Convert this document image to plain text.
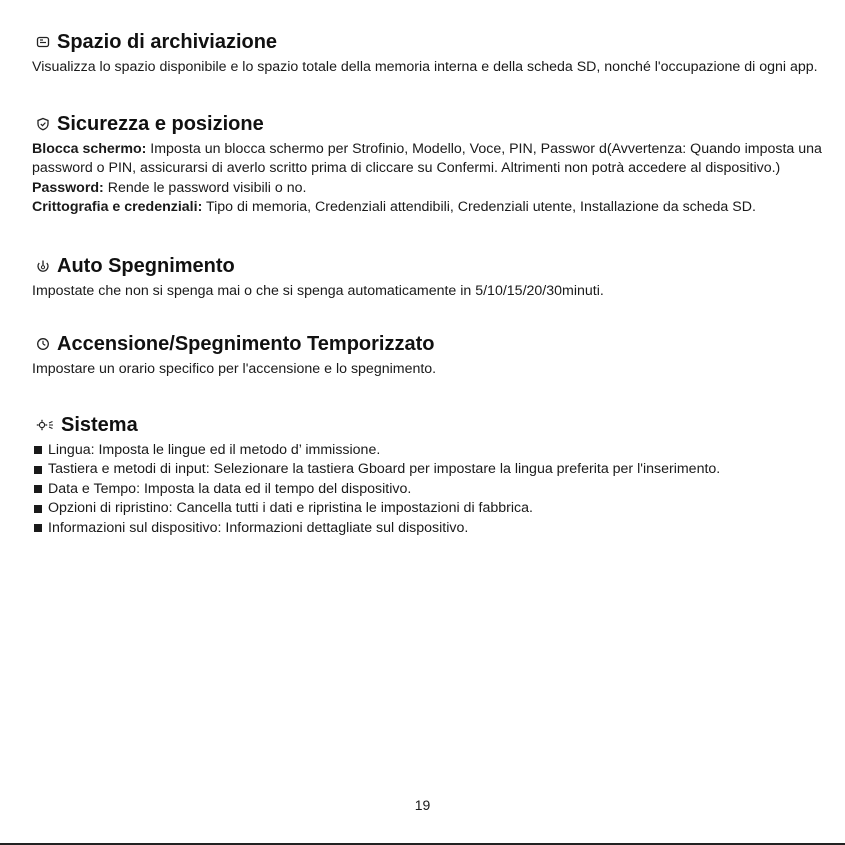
Spazio di archiviazione

Visualizza lo spazio disponibile e lo spazio totale della memoria interna e della scheda SD, nonché l'occupazione di ogni app.

Sicurezza e posizione

Blocca schermo: Imposta un blocca schermo per Strofinio, Modello, Voce, PIN, Passwor d(Avvertenza: Quando imposta una password o PIN, assicurarsi di averlo scritto prima di cliccare su Confermi. Altrimenti non potrà accedere al dispositivo.)

Password: Rende le password visibili o no.

Crittografia e credenziali: Tipo di memoria, Credenziali attendibili, Credenziali utente, Installazione da scheda SD.

Auto Spegnimento

Impostate che non si spenga mai o che si spenga automaticamente in 5/10/15/20/30minuti.

Accensione/Spegnimento Temporizzato

Impostare un orario specifico per l'accensione e lo spegnimento.

Sistema
Lingua: Imposta le lingue ed il metodo d’ immissione.
Tastiera e metodi di input: Selezionare la tastiera Gboard per impostare la lingua preferita per l'inserimento.
Data e Tempo: Imposta la data ed il tempo del dispositivo.
Opzioni di ripristino: Cancella tutti i dati e ripristina le impostazioni di fabbrica.
Informazioni sul dispositivo: Informazioni dettagliate sul dispositivo.
19
